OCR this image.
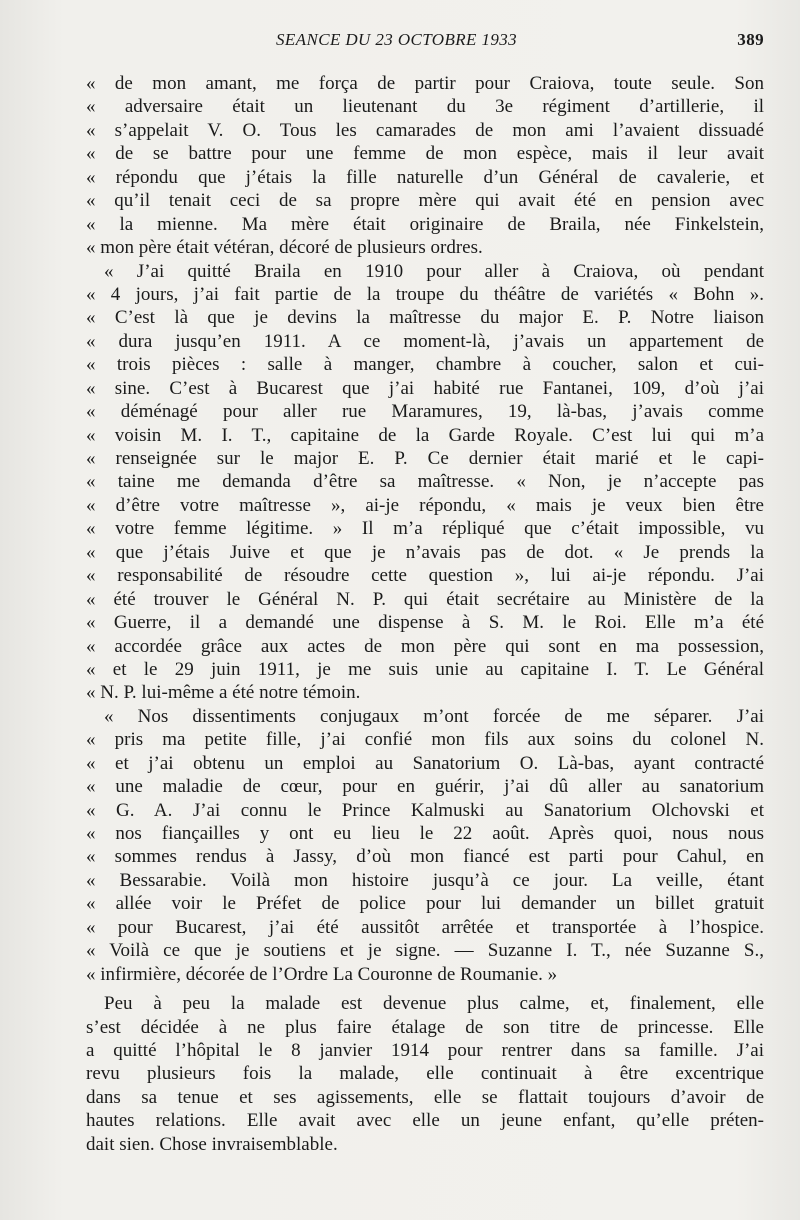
SEANCE DU 23 OCTOBRE 1933	389
« de mon amant, me força de partir pour Craiova, toute seule. Son
« adversaire était un lieutenant du 3e régiment d’artillerie, il
« s’appelait V. O. Tous les camarades de mon ami l’avaient dissuadé
« de se battre pour une femme de mon espèce, mais il leur avait
« répondu que j’étais la fille naturelle d’un Général de cavalerie, et
« qu’il tenait ceci de sa propre mère qui avait été en pension avec
« la mienne. Ma mère était originaire de Braila, née Finkelstein,
« mon père était vétéran, décoré de plusieurs ordres.
« J’ai quitté Braila en 1910 pour aller à Craiova, où pendant
« 4 jours, j’ai fait partie de la troupe du théâtre de variétés « Bohn ».
« C’est là que je devins la maîtresse du major E. P. Notre liaison
« dura jusqu’en 1911. A ce moment-là, j’avais un appartement de
« trois pièces : salle à manger, chambre à coucher, salon et cui-
« sine. C’est à Bucarest que j’ai habité rue Fantanei, 109, d’où j’ai
« déménagé pour aller rue Maramures, 19, là-bas, j’avais comme
« voisin M. I. T., capitaine de la Garde Royale. C’est lui qui m’a
« renseignée sur le major E. P. Ce dernier était marié et le capi-
« taine me demanda d’être sa maîtresse. « Non, je n’accepte pas
« d’être votre maîtresse », ai-je répondu, « mais je veux bien être
« votre femme légitime. » Il m’a répliqué que c’était impossible, vu
« que j’étais Juive et que je n’avais pas de dot. « Je prends la
« responsabilité de résoudre cette question », lui ai-je répondu. J’ai
« été trouver le Général N. P. qui était secrétaire au Ministère de la
« Guerre, il a demandé une dispense à S. M. le Roi. Elle m’a été
« accordée grâce aux actes de mon père qui sont en ma possession,
« et le 29 juin 1911, je me suis unie au capitaine I. T. Le Général
« N. P. lui-même a été notre témoin.
« Nos dissentiments conjugaux m’ont forcée de me séparer. J’ai
« pris ma petite fille, j’ai confié mon fils aux soins du colonel N.
« et j’ai obtenu un emploi au Sanatorium O. Là-bas, ayant contracté
« une maladie de cœur, pour en guérir, j’ai dû aller au sanatorium
« G. A. J’ai connu le Prince Kalmuski au Sanatorium Olchovski et
« nos fiançailles y ont eu lieu le 22 août. Après quoi, nous nous
« sommes rendus à Jassy, d’où mon fiancé est parti pour Cahul, en
« Bessarabie. Voilà mon histoire jusqu’à ce jour. La veille, étant
« allée voir le Préfet de police pour lui demander un billet gratuit
« pour Bucarest, j’ai été aussitôt arrêtée et transportée à l’hospice.
« Voilà ce que je soutiens et je signe. — Suzanne I. T., née Suzanne S.,
« infirmière, décorée de l’Ordre La Couronne de Roumanie. »
Peu à peu la malade est devenue plus calme, et, finalement, elle
s’est décidée à ne plus faire étalage de son titre de princesse. Elle
a quitté l’hôpital le 8 janvier 1914 pour rentrer dans sa famille. J’ai
revu plusieurs fois la malade, elle continuait à être excentrique
dans sa tenue et ses agissements, elle se flattait toujours d’avoir de
hautes relations. Elle avait avec elle un jeune enfant, qu’elle préten-
dait sien. Chose invraisemblable.
